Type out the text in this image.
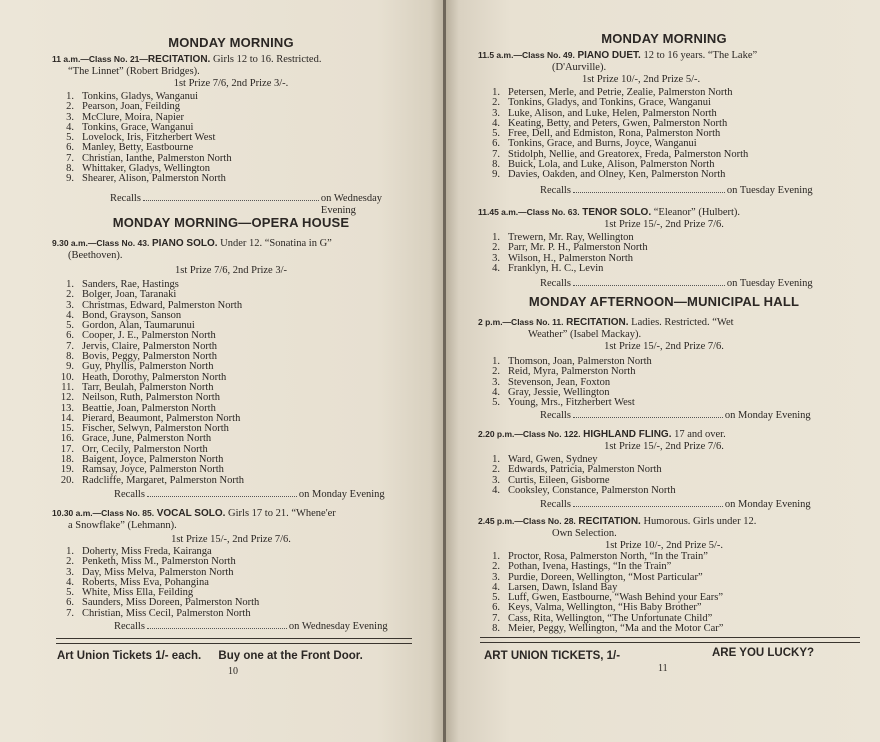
MONDAY MORNING

11 a.m.—Class No. 21—RECITATION. Girls 12 to 16. Restricted.
“The Linnet” (Robert Bridges).

1st Prize 7/6, 2nd Prize 3/-.

1. Tonkins, Gladys, Wanganui
2. Pearson, Joan, Feilding
3. McClure, Moira, Napier
4. Tonkins, Grace, Wanganui
5. Lovelock, Iris, Fitzherbert West
6. Manley, Betty, Eastbourne
7. Christian, Ianthe, Palmerston North
8. Whittaker, Gladys, Wellington
9. Shearer, Alison, Palmerston North
Recalls	on Wednesday Evening

MONDAY MORNING—OPERA HOUSE

9.30 a.m.—Class No. 43. PIANO SOLO. Under 12. “Sonatina in G”
(Beethoven).

1st Prize 7/6, 2nd Prize 3/-

1. Sanders, Rae, Hastings
2. Bolger, Joan, Taranaki
3. Christmas, Edward, Palmerston North
4. Bond, Grayson, Sanson
5. Gordon, Alan, Taumarunui
6. Cooper, J. E., Palmerston North
7. Jervis, Claire, Palmerston North
8. Bovis, Peggy, Palmerston North
9. Guy, Phyllis, Palmerston North
10. Heath, Dorothy, Palmerston North
11. Tarr, Beulah, Palmerston North
12. Neilson, Ruth, Palmerston North
13. Beattie, Joan, Palmerston North
14. Pierard, Beaumont, Palmerston North
15. Fischer, Selwyn, Palmerston North
16. Grace, June, Palmerston North
17. Orr, Cecily, Palmerston North
18. Baigent, Joyce, Palmerston North
19. Ramsay, Joyce, Palmerston North
20. Radcliffe, Margaret, Palmerston North
Recalls	on Monday Evening

10.30 a.m.—Class No. 85. VOCAL SOLO. Girls 17 to 21. “Whene'er
a Snowflake” (Lehmann).

1st Prize 15/-, 2nd Prize 7/6.

1. Doherty, Miss Freda, Kairanga
2. Penketh, Miss M., Palmerston North
3. Day, Miss Melva, Palmerston North
4. Roberts, Miss Eva, Pohangina
5. White, Miss Ella, Feilding
6. Saunders, Miss Doreen, Palmerston North
7. Christian, Miss Cecil, Palmerston North
Recalls	on Wednesday Evening
Art Union Tickets 1/- each. Buy one at the Front Door.
10

MONDAY MORNING

11.5 a.m.—Class No. 49. PIANO DUET. 12 to 16 years. “The Lake”
(D'Aurville).

1st Prize 10/-, 2nd Prize 5/-.

1. Petersen, Merle, and Petrie, Zealie, Palmerston North
2. Tonkins, Gladys, and Tonkins, Grace, Wanganui
3. Luke, Alison, and Luke, Helen, Palmerston North
4. Keating, Betty, and Peters, Gwen, Palmerston North
5. Free, Dell, and Edmiston, Rona, Palmerston North
6. Tonkins, Grace, and Burns, Joyce, Wanganui
7. Stidolph, Nellie, and Greatorex, Freda, Palmerston North
8. Buick, Lola, and Luke, Alison, Palmerston North
9. Davies, Oakden, and Olney, Ken, Palmerston North
Recalls	on Tuesday Evening

11.45 a.m.—Class No. 63. TENOR SOLO. “Eleanor” (Hulbert).

1st Prize 15/-, 2nd Prize 7/6.

1. Trewern, Mr. Ray, Wellington
2. Parr, Mr. P. H., Palmerston North
3. Wilson, H., Palmerston North
4. Franklyn, H. C., Levin
Recalls	on Tuesday Evening

MONDAY AFTERNOON—MUNICIPAL HALL

2 p.m.—Class No. 11. RECITATION. Ladies. Restricted. “Wet
Weather” (Isabel Mackay).

1st Prize 15/-, 2nd Prize 7/6.

1. Thomson, Joan, Palmerston North
2. Reid, Myra, Palmerston North
3. Stevenson, Jean, Foxton
4. Gray, Jessie, Wellington
5. Young, Mrs., Fitzherbert West
Recalls	on Monday Evening

2.20 p.m.—Class No. 122. HIGHLAND FLING. 17 and over.

1st Prize 15/-, 2nd Prize 7/6.

1. Ward, Gwen, Sydney
2. Edwards, Patricia, Palmerston North
3. Curtis, Eileen, Gisborne
4. Cooksley, Constance, Palmerston North
Recalls	on Monday Evening

2.45 p.m.—Class No. 28. RECITATION. Humorous. Girls under 12.
Own Selection.

1st Prize 10/-, 2nd Prize 5/-.

1. Proctor, Rosa, Palmerston North, “In the Train”
2. Pothan, Ivena, Hastings, “In the Train”
3. Purdie, Doreen, Wellington, “Most Particular”
4. Larsen, Dawn, Island Bay
5. Luff, Gwen, Eastbourne, “Wash Behind your Ears”
6. Keys, Valma, Wellington, “His Baby Brother”
7. Cass, Rita, Wellington, “The Unfortunate Child”
8. Meier, Peggy, Wellington, “Ma and the Motor Car”
ART UNION TICKETS, 1/-	ARE YOU LUCKY?
11
